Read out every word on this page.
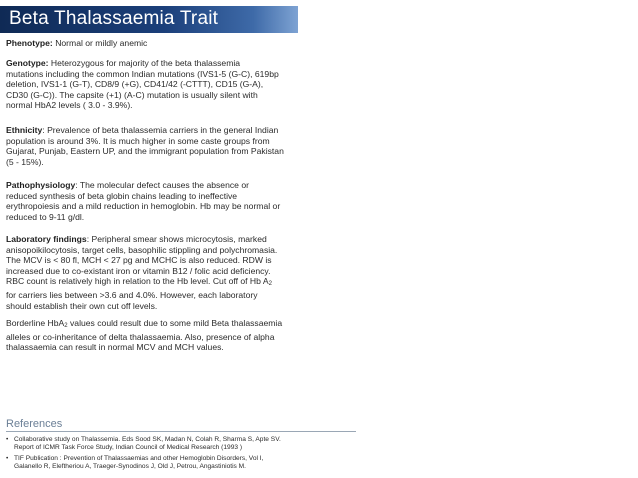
Beta Thalassaemia Trait

Phenotype: Normal or mildly anemic

Genotype: Heterozygous for majority of the beta thalassemia
mutations including the common Indian mutations (IVS1-5 (G-C), 619bp
deletion, IVS1-1 (G-T), CD8/9 (+G), CD41/42 (-CTTT), CD15 (G-A),
CD30 (G-C)). The capsite (+1) (A-C) mutation is usually silent with
normal HbA2 levels ( 3.0 - 3.9%).

Ethnicity: Prevalence of beta thalassemia carriers in the general Indian
population is around 3%. It is much higher in some caste groups from
Gujarat, Punjab, Eastern UP, and the immigrant population from Pakistan
(5 - 15%).

Pathophysiology: The molecular defect causes the absence or
reduced synthesis of beta globin chains leading to ineffective
erythropoiesis and a mild reduction in hemoglobin. Hb may be normal or
reduced to 9-11 g/dl.

Laboratory findings: Peripheral smear shows microcytosis, marked
anisopoikilocytosis, target cells, basophilic stippling and polychromasia.
The MCV is < 80 fl, MCH < 27 pg and MCHC is also reduced. RDW is
increased due to co-existant iron or vitamin B12 / folic acid deficiency.
RBC count is relatively high in relation to the Hb level. Cut off of Hb $A_2$
for carriers lies between >3.6 and 4.0%. However, each laboratory
should establish their own cut off levels.

Borderline HbA$_2$ values could result due to some mild Beta thalassaemia
alleles or co-inheritance of delta thalassaemia. Also, presence of alpha
thalassaemia can result in normal MCV and MCH values.

References

• Collaborative study on Thalassemia. Eds Sood SK, Madan N, Colah R, Sharma S, Apte SV.
Report of ICMR Task Force Study, Indian Council of Medical Research (1993 )

• TIF Publication : Prevention of Thalassaemias and other Hemoglobin Disorders, Vol I,
Galanello R, Eleftheriou A, Traeger-Synodinos J, Old J, Petrou, Angastiniotis M.
